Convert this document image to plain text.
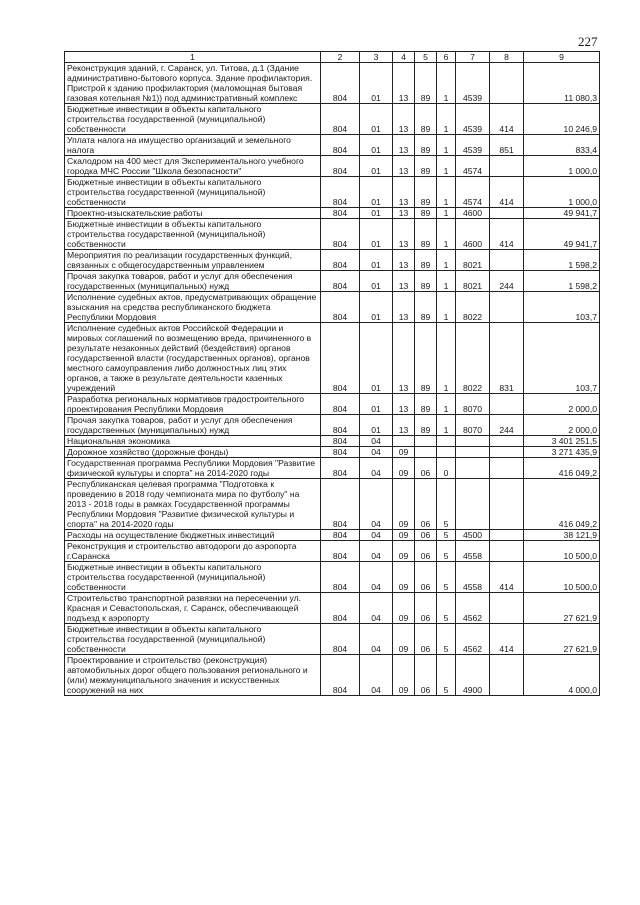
227
1	2	3	4	5	6	7	8	9
Реконструкция зданий, г. Саранск, ул. Титова, д.1 (Здание административно-бытового корпуса. Здание профилактория. Пристрой к зданию профилактория (маломощная бытовая газовая котельная №1)) под административный комплекс	804	01	13	89	1	4539		11 080,3
Бюджетные инвестиции в объекты капитального строительства государственной (муниципальной) собственности	804	01	13	89	1	4539	414	10 246,9
Уплата налога на имущество организаций и земельного налога	804	01	13	89	1	4539	851	833,4
Скалодром на 400 мест для Экспериментального учебного городка МЧС России "Школа безопасности"	804	01	13	89	1	4574		1 000,0
Бюджетные инвестиции в объекты капитального строительства государственной (муниципальной) собственности	804	01	13	89	1	4574	414	1 000,0
Проектно-изыскательские работы	804	01	13	89	1	4600		49 941,7
Бюджетные инвестиции в объекты капитального строительства государственной (муниципальной) собственности	804	01	13	89	1	4600	414	49 941,7
Мероприятия по реализации государственных функций, связанных с общегосударственным управлением	804	01	13	89	1	8021		1 598,2
Прочая закупка товаров, работ и услуг для обеспечения государственных (муниципальных) нужд	804	01	13	89	1	8021	244	1 598,2
Исполнение судебных актов, предусматривающих обращение взыскания на средства республиканского бюджета Республики Мордовия	804	01	13	89	1	8022		103,7
Исполнение судебных актов Российской Федерации и мировых соглашений по возмещению вреда, причиненного в результате незаконных действий (бездействия) органов государственной власти (государственных органов), органов местного самоуправления либо должностных лиц этих органов, а также в результате деятельности казенных учреждений	804	01	13	89	1	8022	831	103,7
Разработка региональных нормативов градостроительного проектирования Республики Мордовия	804	01	13	89	1	8070		2 000,0
Прочая закупка товаров, работ и услуг для обеспечения государственных (муниципальных) нужд	804	01	13	89	1	8070	244	2 000,0
Национальная экономика	804	04						3 401 251,5
Дорожное хозяйство (дорожные фонды)	804	04	09					3 271 435,9
Государственная программа Республики Мордовия "Развитие физической культуры и спорта" на 2014-2020 годы	804	04	09	06	0			416 049,2
Республиканская целевая программа "Подготовка к проведению в 2018 году чемпионата мира по футболу" на 2013 - 2018 годы в рамках Государственной программы Республики Мордовия "Развитие физической культуры и спорта" на 2014-2020 годы	804	04	09	06	5			416 049,2
Расходы на осуществление бюджетных инвестиций	804	04	09	06	5	4500		38 121,9
Реконструкция и строительство автодороги до аэропорта г.Саранска	804	04	09	06	5	4558		10 500,0
Бюджетные инвестиции в объекты капитального строительства государственной (муниципальной) собственности	804	04	09	06	5	4558	414	10 500,0
Строительство транспортной развязки на пересечении ул. Красная и Севастопольская, г. Саранск, обеспечивающей подъезд к аэропорту	804	04	09	06	5	4562		27 621,9
Бюджетные инвестиции в объекты капитального строительства государственной (муниципальной) собственности	804	04	09	06	5	4562	414	27 621,9
Проектирование и строительство (реконструкция) автомобильных дорог общего пользования регионального и (или) межмуниципального значения и искусственных сооружений на них	804	04	09	06	5	4900		4 000,0
